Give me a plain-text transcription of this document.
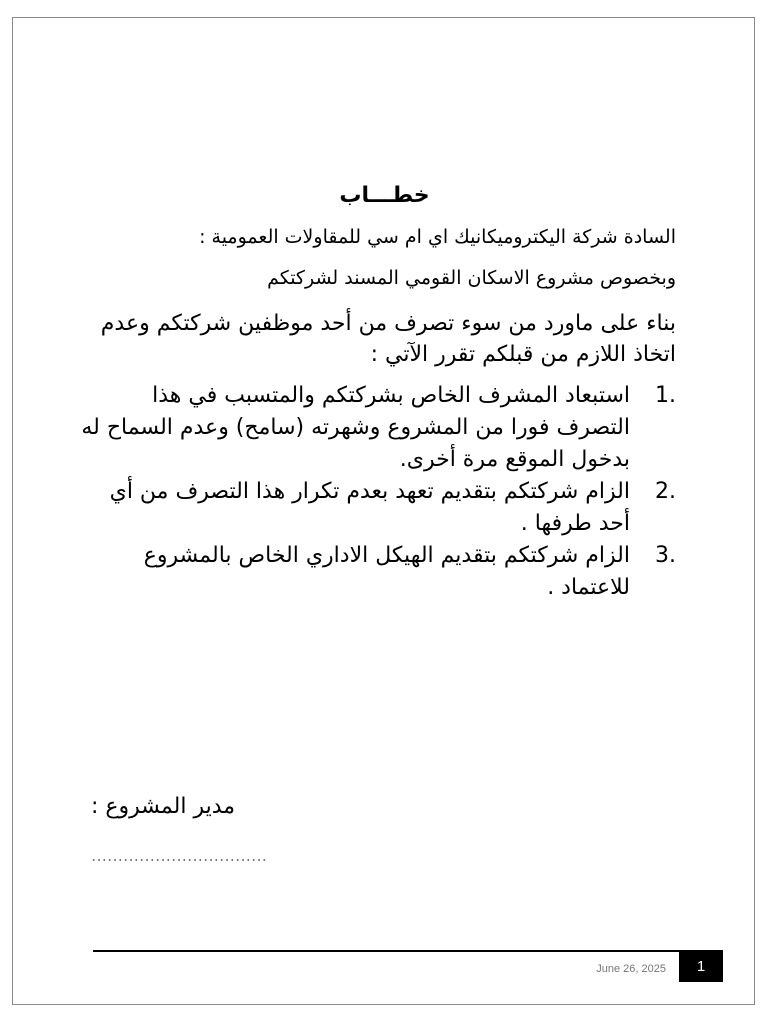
خطـــاب
السادة شركة اليكتروميكانيك اي ام سي للمقاولات العمومية :
وبخصوص مشروع الاسكان القومي المسند لشركتكم
بناء على ماورد من سوء تصرف من أحد موظفين شركتكم وعدم اتخاذ اللازم من قبلكم تقرر الآتي :
1.
استبعاد المشرف الخاص بشركتكم والمتسبب في هذا التصرف فورا من المشروع وشهرته (سامح) وعدم السماح له بدخول الموقع مرة أخرى.
2.
الزام شركتكم بتقديم تعهد بعدم تكرار هذا التصرف من أي أحد طرفها .
3.
الزام شركتكم بتقديم الهيكل الاداري الخاص بالمشروع للاعتماد .
مدير المشروع :
……………………………
June 26, 2025	1
